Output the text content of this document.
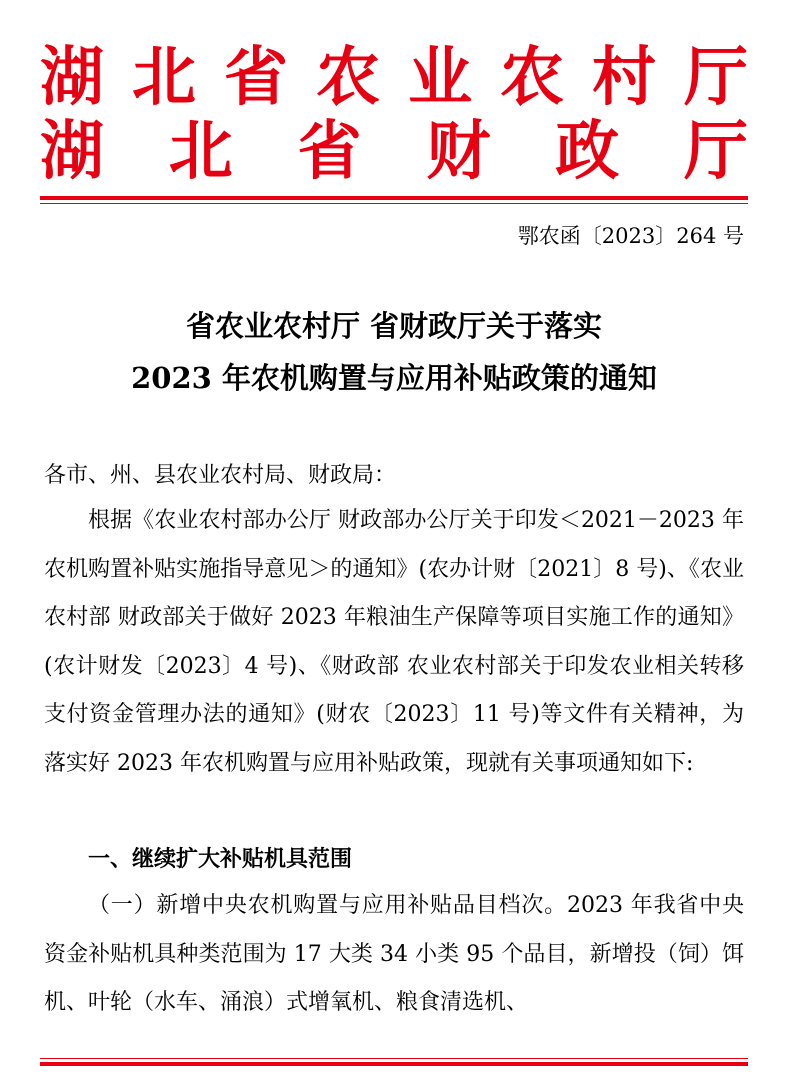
湖 北 省 农 业 农 村 厅
湖 北 省 财 政 厅
鄂农函〔2023〕264 号
省农业农村厅 省财政厅关于落实
2023 年农机购置与应用补贴政策的通知
各市、州、县农业农村局、财政局：
根据《农业农村部办公厅 财政部办公厅关于印发＜2021－2023 年农机购置补贴实施指导意见＞的通知》(农办计财〔2021〕8 号)、《农业农村部 财政部关于做好 2023 年粮油生产保障等项目实施工作的通知》(农计财发〔2023〕4 号)、《财政部 农业农村部关于印发农业相关转移支付资金管理办法的通知》(财农〔2023〕11 号)等文件有关精神，为落实好 2023 年农机购置与应用补贴政策，现就有关事项通知如下:
一、继续扩大补贴机具范围
（一）新增中央农机购置与应用补贴品目档次。2023 年我省中央资金补贴机具种类范围为 17 大类 34 小类 95 个品目，新增投（饲）饵机、叶轮（水车、涌浪）式增氧机、粮食清选机、
